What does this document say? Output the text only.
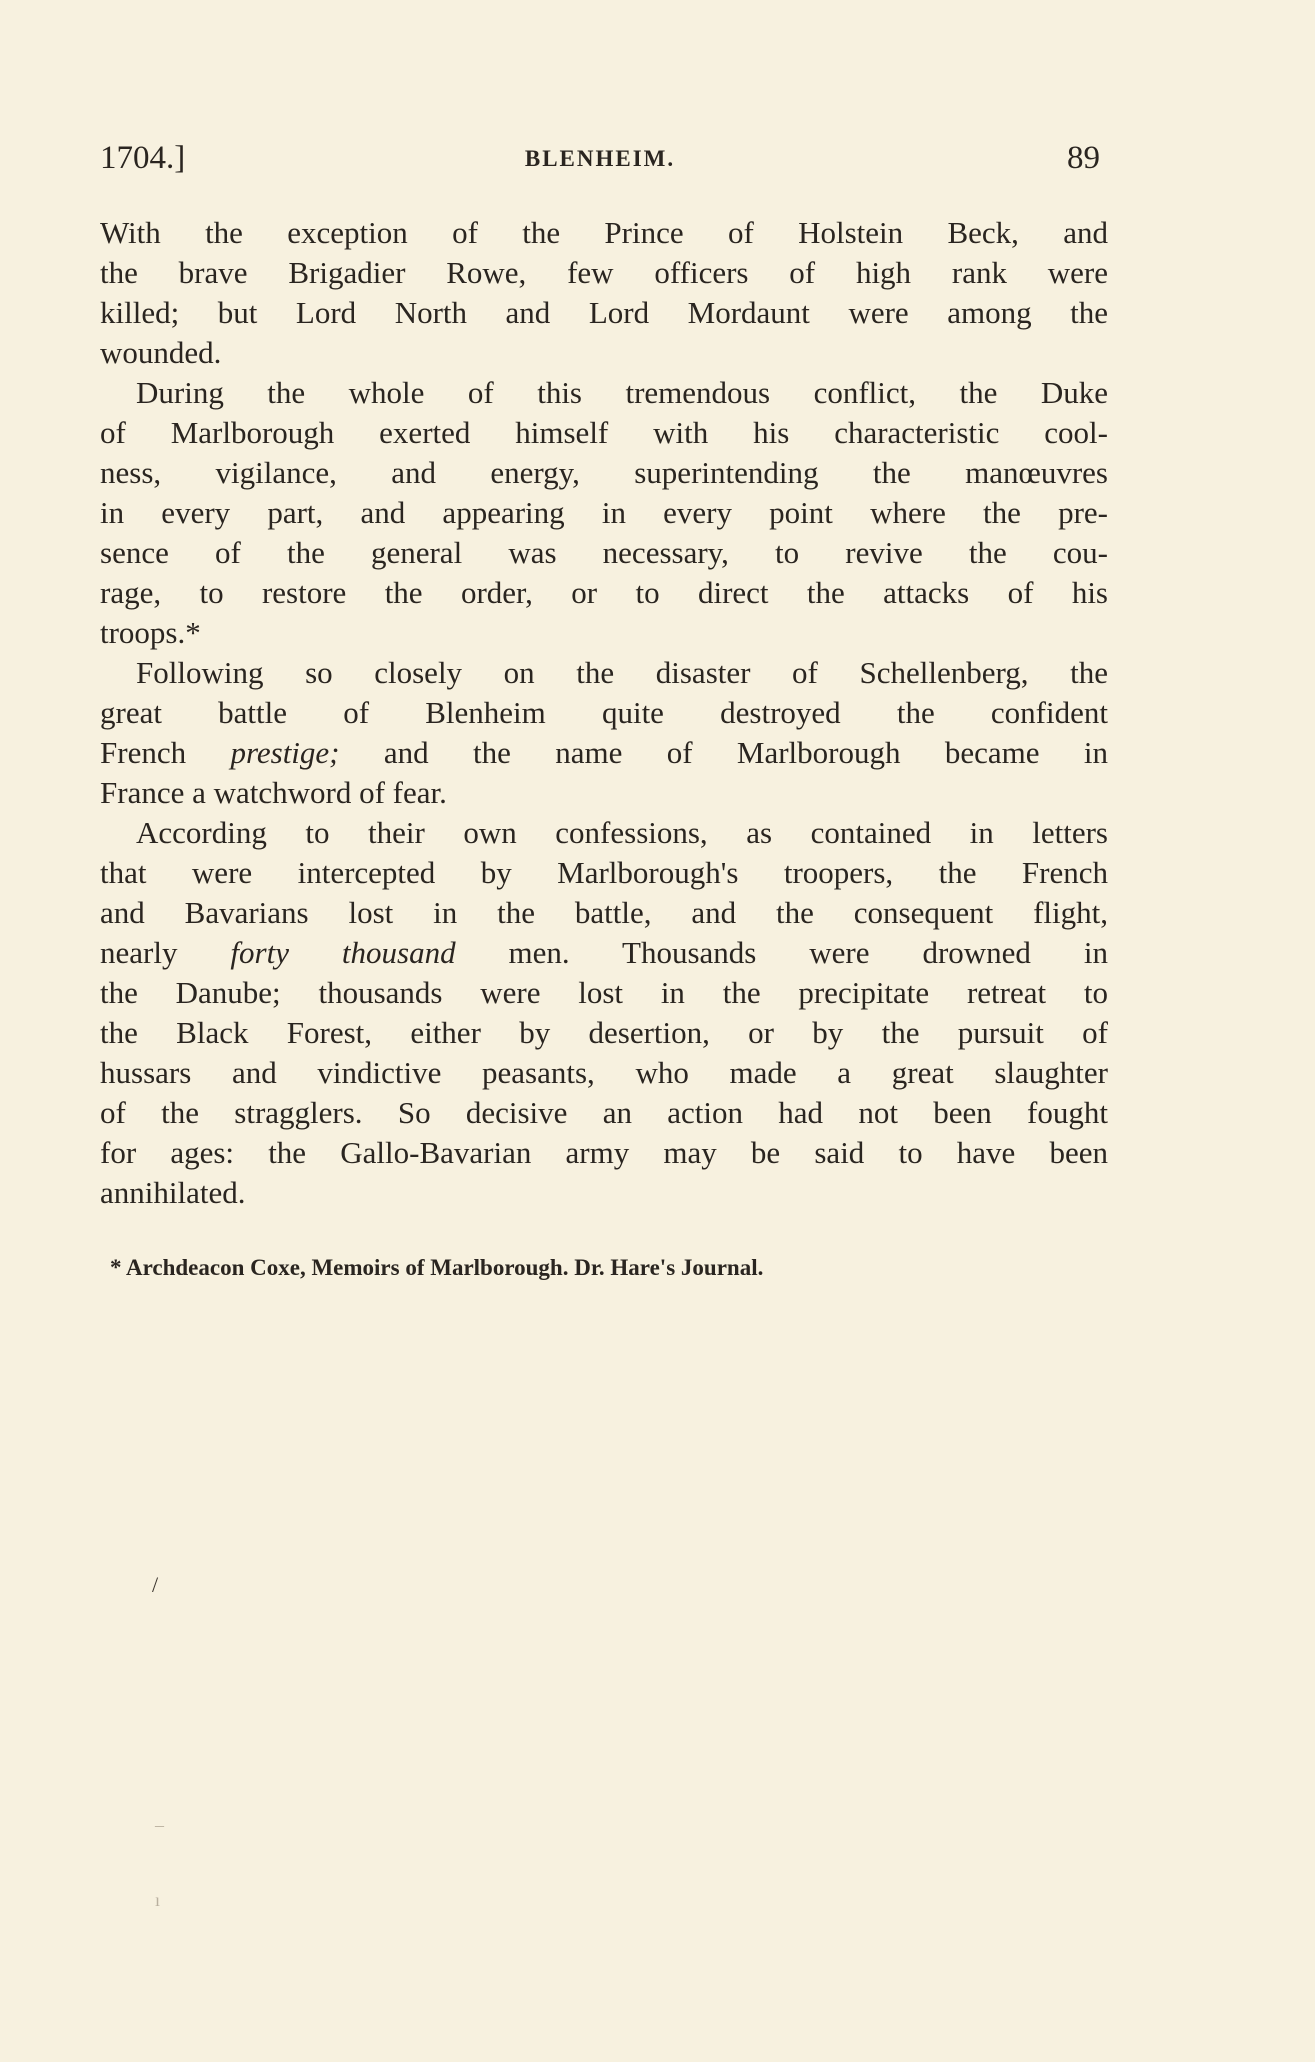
1704.]	BLENHEIM.	89
With the exception of the Prince of Holstein Beck, and
the brave Brigadier Rowe, few officers of high rank were
killed; but Lord North and Lord Mordaunt were among the
wounded.
During the whole of this tremendous conflict, the Duke
of Marlborough exerted himself with his characteristic cool-
ness, vigilance, and energy, superintending the manœuvres
in every part, and appearing in every point where the pre-
sence of the general was necessary, to revive the cou-
rage, to restore the order, or to direct the attacks of his
troops.*
Following so closely on the disaster of Schellenberg, the
great battle of Blenheim quite destroyed the confident
French prestige; and the name of Marlborough became in
France a watchword of fear.
According to their own confessions, as contained in letters
that were intercepted by Marlborough's troopers, the French
and Bavarians lost in the battle, and the consequent flight,
nearly forty thousand men. Thousands were drowned in
the Danube; thousands were lost in the precipitate retreat to
the Black Forest, either by desertion, or by the pursuit of
hussars and vindictive peasants, who made a great slaughter
of the stragglers. So decisive an action had not been fought
for ages: the Gallo-Bavarian army may be said to have been
annihilated.
* Archdeacon Coxe, Memoirs of Marlborough. Dr. Hare's Journal.
/
–
ı
